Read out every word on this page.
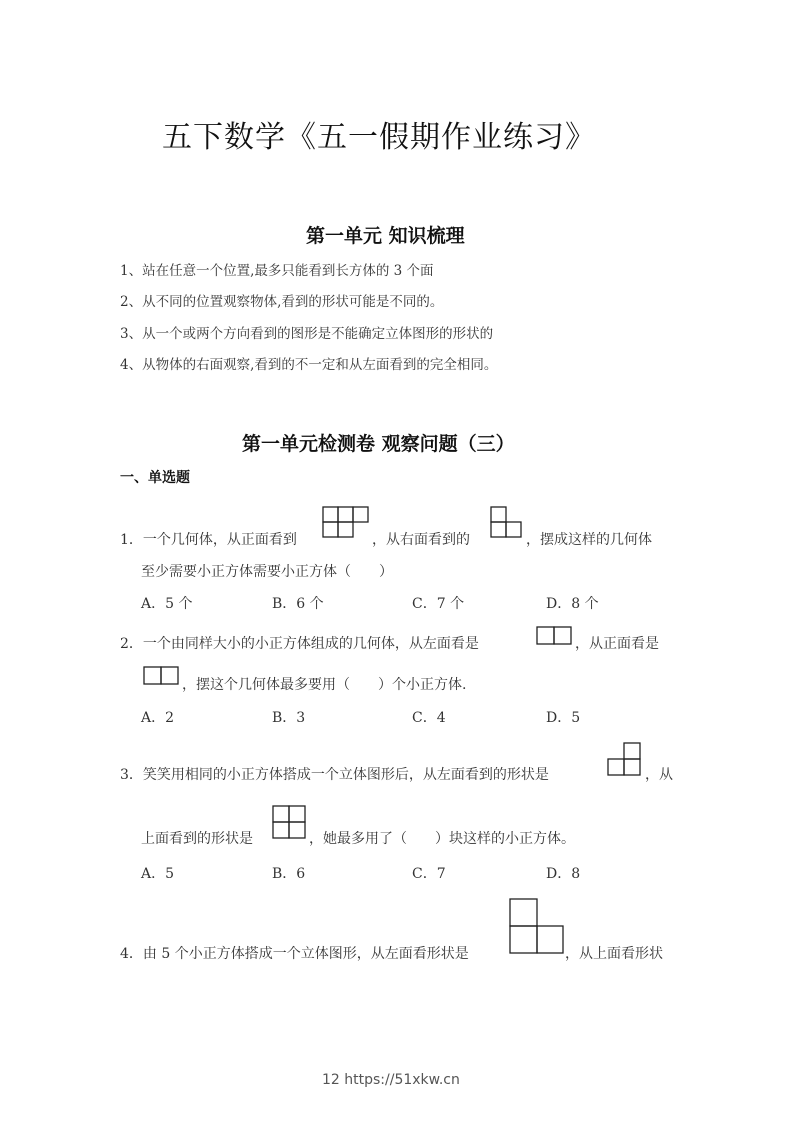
五下数学《五一假期作业练习》
第一单元 知识梳理
1、站在任意一个位置,最多只能看到长方体的 3 个面
2、从不同的位置观察物体,看到的形状可能是不同的。
3、从一个或两个方向看到的图形是不能确定立体图形的形状的
4、从物体的右面观察,看到的不一定和从左面看到的完全相同。
第一单元检测卷 观察问题（三）
一、单选题
1．一个几何体，从正面看到	，从右面看到的	，摆成这样的几何体
至少需要小正方体需要小正方体（　　）
A．5 个	B．6 个	C．7 个	D．8 个
2．一个由同样大小的小正方体组成的几何体，从左面看是	，从正面看是
，摆这个几何体最多要用（　　）个小正方体.
A．2	B．3	C．4	D．5
3．笑笑用相同的小正方体搭成一个立体图形后，从左面看到的形状是	，从
上面看到的形状是	，她最多用了（　　）块这样的小正方体。
A．5	B．6	C．7	D．8
4．由 5 个小正方体搭成一个立体图形，从左面看形状是	，从上面看形状
12 https://51xkw.cn
